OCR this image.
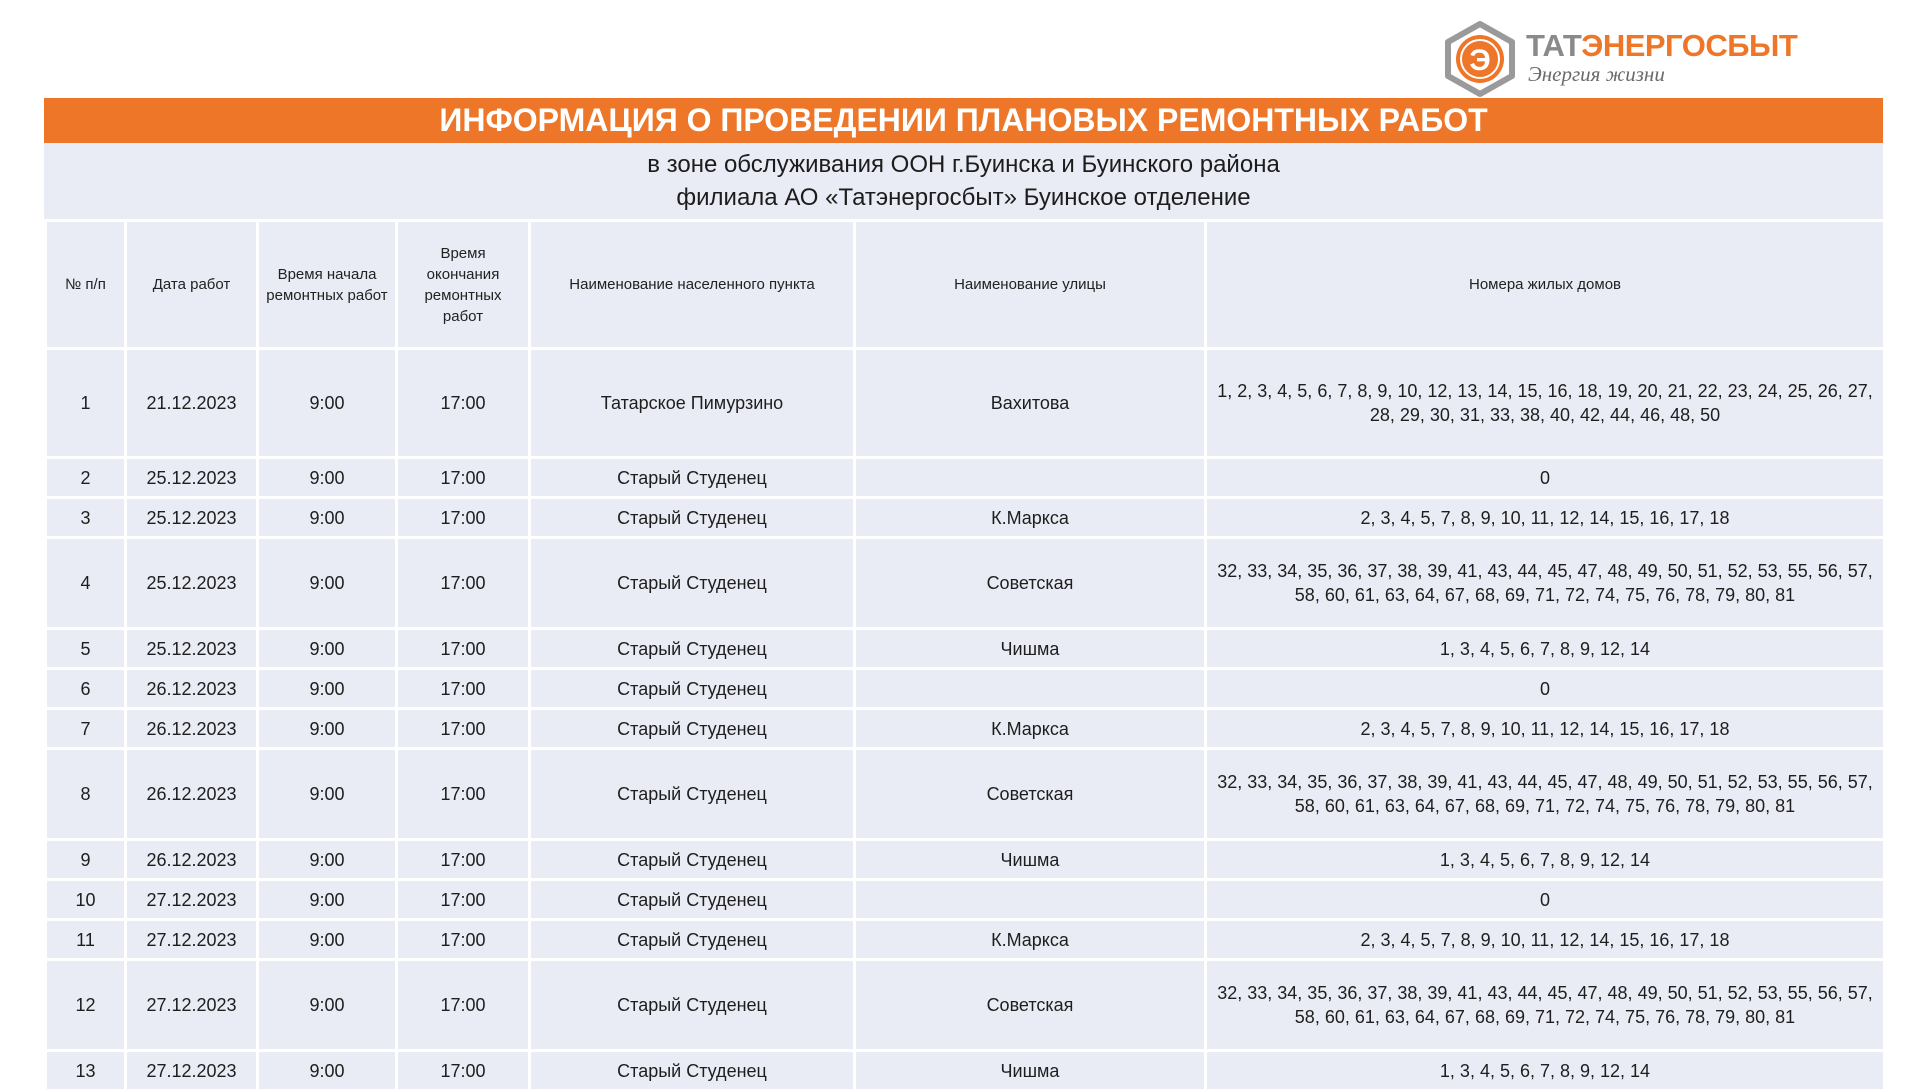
Э ТАТЭНЕРГОСБЫТ
Энергия жизни
ИНФОРМАЦИЯ О ПРОВЕДЕНИИ ПЛАНОВЫХ РЕМОНТНЫХ РАБОТ
в зоне обслуживания ООН г.Буинска и Буинского района
филиала АО «Татэнергосбыт» Буинское отделение
№ п/п	Дата работ	Время начала ремонтных работ	Время окончания ремонтных работ	Наименование населенного пункта	Наименование улицы	Номера жилых домов
1	21.12.2023	9:00	17:00	Татарское Пимурзино	Вахитова	1, 2, 3, 4, 5, 6, 7, 8, 9, 10, 12, 13, 14, 15, 16, 18, 19, 20, 21, 22, 23, 24, 25, 26, 27, 28, 29, 30, 31, 33, 38, 40, 42, 44, 46, 48, 50
2	25.12.2023	9:00	17:00	Старый Студенец		0
3	25.12.2023	9:00	17:00	Старый Студенец	К.Маркса	2, 3, 4, 5, 7, 8, 9, 10, 11, 12, 14, 15, 16, 17, 18
4	25.12.2023	9:00	17:00	Старый Студенец	Советская	32, 33, 34, 35, 36, 37, 38, 39, 41, 43, 44, 45, 47, 48, 49, 50, 51, 52, 53, 55, 56, 57, 58, 60, 61, 63, 64, 67, 68, 69, 71, 72, 74, 75, 76, 78, 79, 80, 81
5	25.12.2023	9:00	17:00	Старый Студенец	Чишма	1, 3, 4, 5, 6, 7, 8, 9, 12, 14
6	26.12.2023	9:00	17:00	Старый Студенец		0
7	26.12.2023	9:00	17:00	Старый Студенец	К.Маркса	2, 3, 4, 5, 7, 8, 9, 10, 11, 12, 14, 15, 16, 17, 18
8	26.12.2023	9:00	17:00	Старый Студенец	Советская	32, 33, 34, 35, 36, 37, 38, 39, 41, 43, 44, 45, 47, 48, 49, 50, 51, 52, 53, 55, 56, 57, 58, 60, 61, 63, 64, 67, 68, 69, 71, 72, 74, 75, 76, 78, 79, 80, 81
9	26.12.2023	9:00	17:00	Старый Студенец	Чишма	1, 3, 4, 5, 6, 7, 8, 9, 12, 14
10	27.12.2023	9:00	17:00	Старый Студенец		0
11	27.12.2023	9:00	17:00	Старый Студенец	К.Маркса	2, 3, 4, 5, 7, 8, 9, 10, 11, 12, 14, 15, 16, 17, 18
12	27.12.2023	9:00	17:00	Старый Студенец	Советская	32, 33, 34, 35, 36, 37, 38, 39, 41, 43, 44, 45, 47, 48, 49, 50, 51, 52, 53, 55, 56, 57, 58, 60, 61, 63, 64, 67, 68, 69, 71, 72, 74, 75, 76, 78, 79, 80, 81
13	27.12.2023	9:00	17:00	Старый Студенец	Чишма	1, 3, 4, 5, 6, 7, 8, 9, 12, 14
